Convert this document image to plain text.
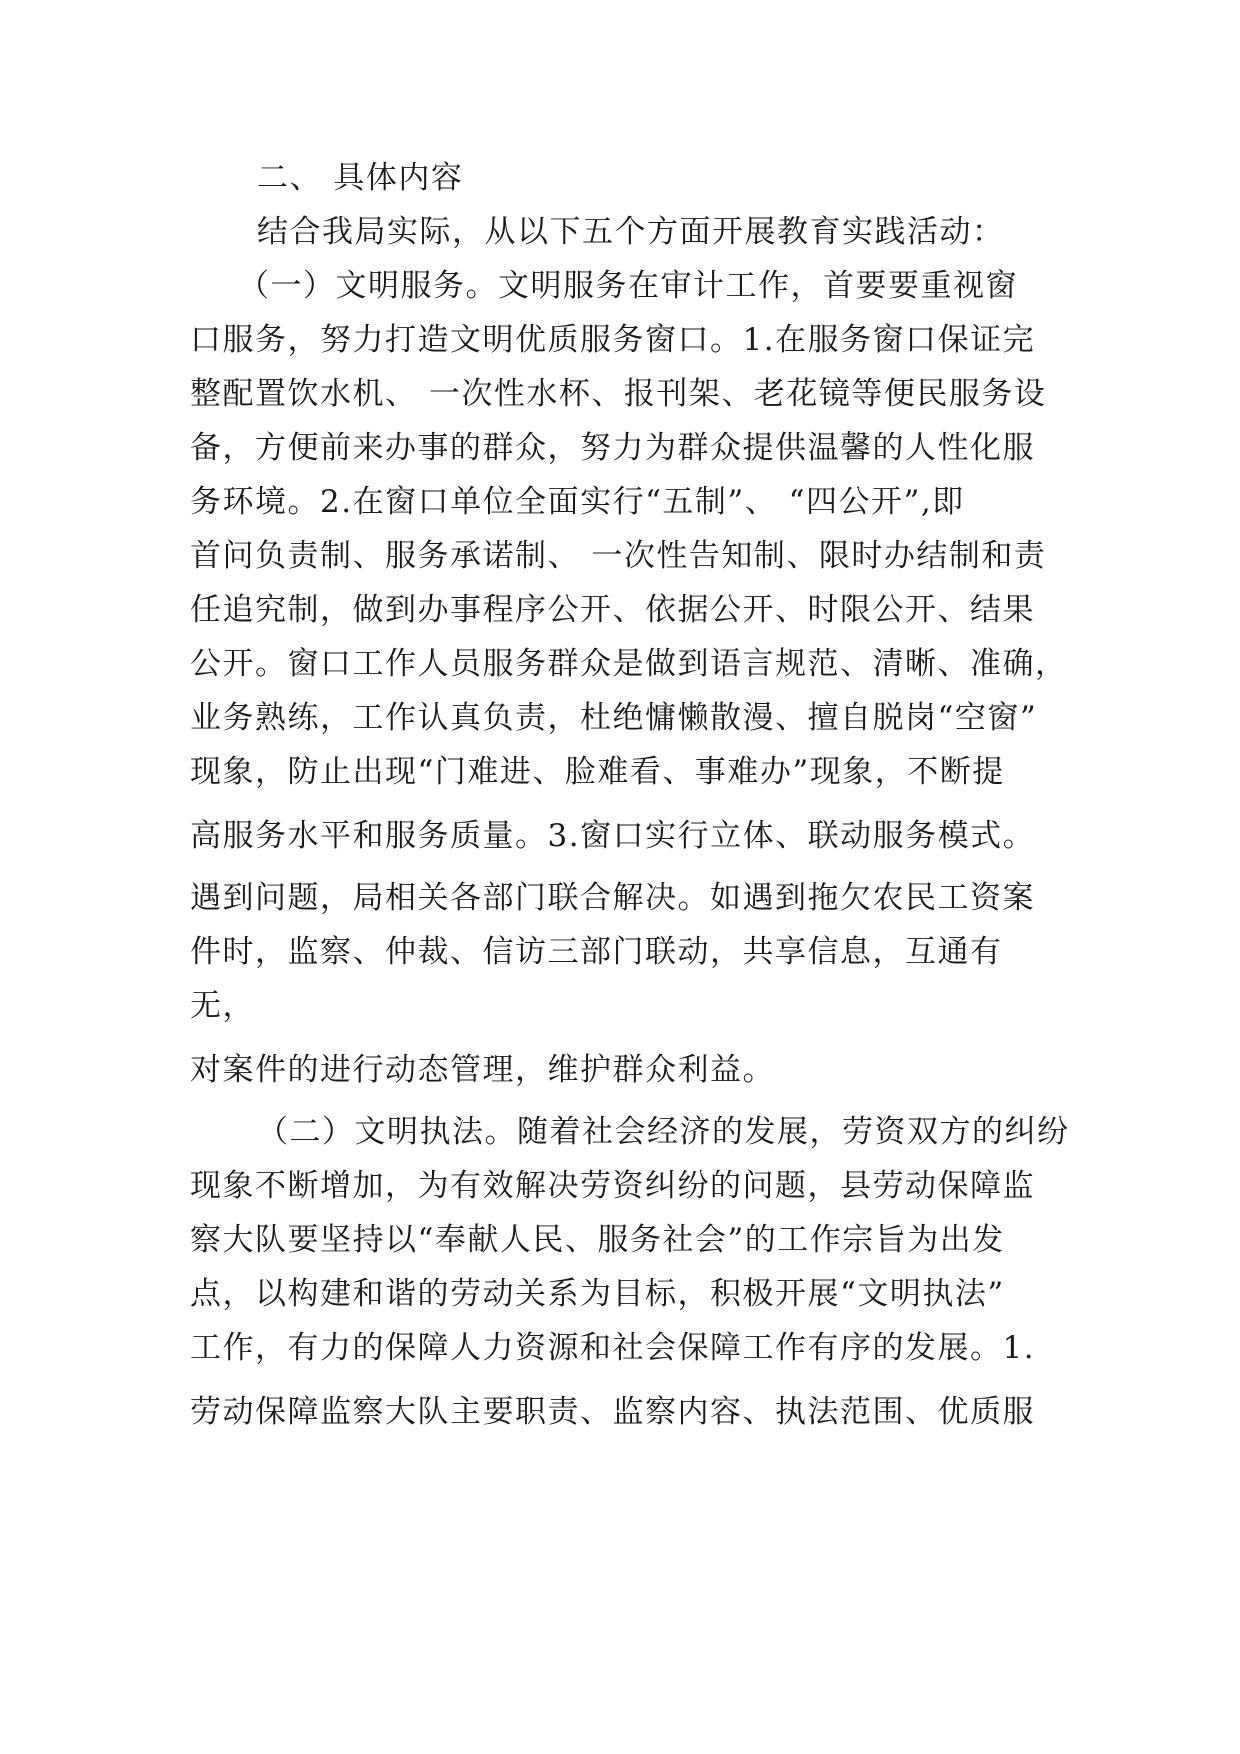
二、 具体内容
结合我局实际，从以下五个方面开展教育实践活动：
（一）文明服务。文明服务在审计工作，首要要重视窗
口服务，努力打造文明优质服务窗口。1.在服务窗口保证完
整配置饮水机、 一次性水杯、报刊架、老花镜等便民服务设
备，方便前来办事的群众，努力为群众提供温馨的人性化服
务环境。2.在窗口单位全面实行“五制”、 “四公开”,即
首问负责制、服务承诺制、 一次性告知制、限时办结制和责
任追究制，做到办事程序公开、依据公开、时限公开、结果
公开。窗口工作人员服务群众是做到语言规范、清晰、准确，
业务熟练，工作认真负责，杜绝慵懒散漫、擅自脱岗“空窗”
现象，防止出现“门难进、脸难看、事难办”现象，不断提
高服务水平和服务质量。3.窗口实行立体、联动服务模式。
遇到问题，局相关各部门联合解决。如遇到拖欠农民工资案
件时，监察、仲裁、信访三部门联动，共享信息，互通有
无，
对案件的进行动态管理，维护群众利益。
（二）文明执法。随着社会经济的发展，劳资双方的纠纷
现象不断增加，为有效解决劳资纠纷的问题，县劳动保障监
察大队要坚持以“奉献人民、服务社会”的工作宗旨为出发
点，以构建和谐的劳动关系为目标，积极开展“文明执法”
工作，有力的保障人力资源和社会保障工作有序的发展。1.
劳动保障监察大队主要职责、监察内容、执法范围、优质服
